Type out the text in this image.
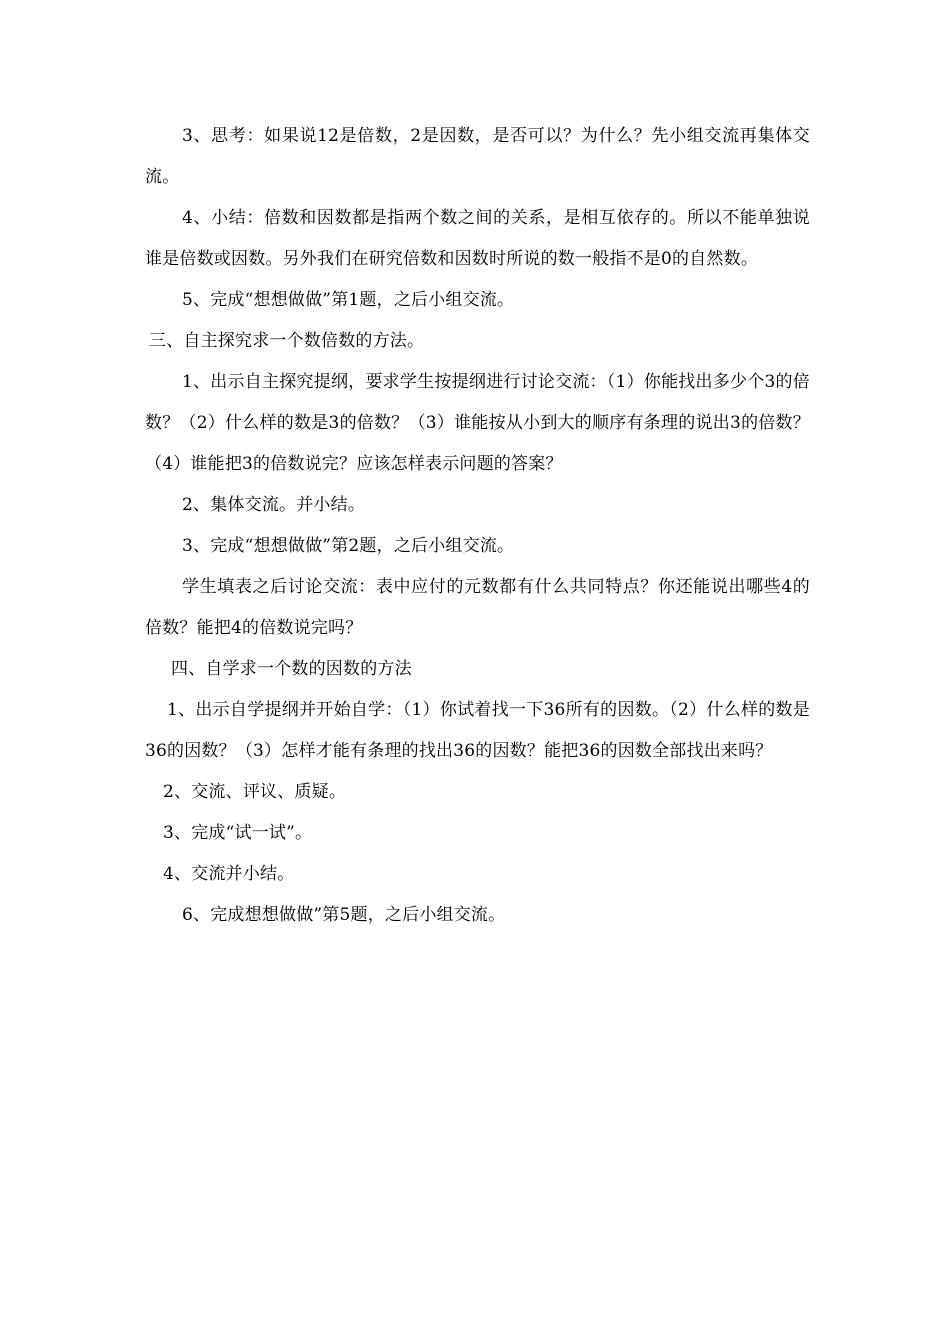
3、思考：如果说12是倍数，2是因数，是否可以？为什么？先小组交流再集体交流。

4、小结：倍数和因数都是指两个数之间的关系，是相互依存的。所以不能单独说谁是倍数或因数。另外我们在研究倍数和因数时所说的数一般指不是0的自然数。

5、完成“想想做做”第1题，之后小组交流。

三、自主探究求一个数倍数的方法。

1、出示自主探究提纲，要求学生按提纲进行讨论交流：（1）你能找出多少个3的倍数？（2）什么样的数是3的倍数？（3）谁能按从小到大的顺序有条理的说出3的倍数？（4）谁能把3的倍数说完？应该怎样表示问题的答案？

2、集体交流。并小结。

3、完成“想想做做”第2题，之后小组交流。

学生填表之后讨论交流：表中应付的元数都有什么共同特点？你还能说出哪些4的倍数？能把4的倍数说完吗？

四、自学求一个数的因数的方法

1、出示自学提纲并开始自学：（1）你试着找一下36所有的因数。（2）什么样的数是36的因数？（3）怎样才能有条理的找出36的因数？能把36的因数全部找出来吗？

2、交流、评议、质疑。

3、完成“试一试”。

4、交流并小结。

6、完成想想做做”第5题，之后小组交流。
